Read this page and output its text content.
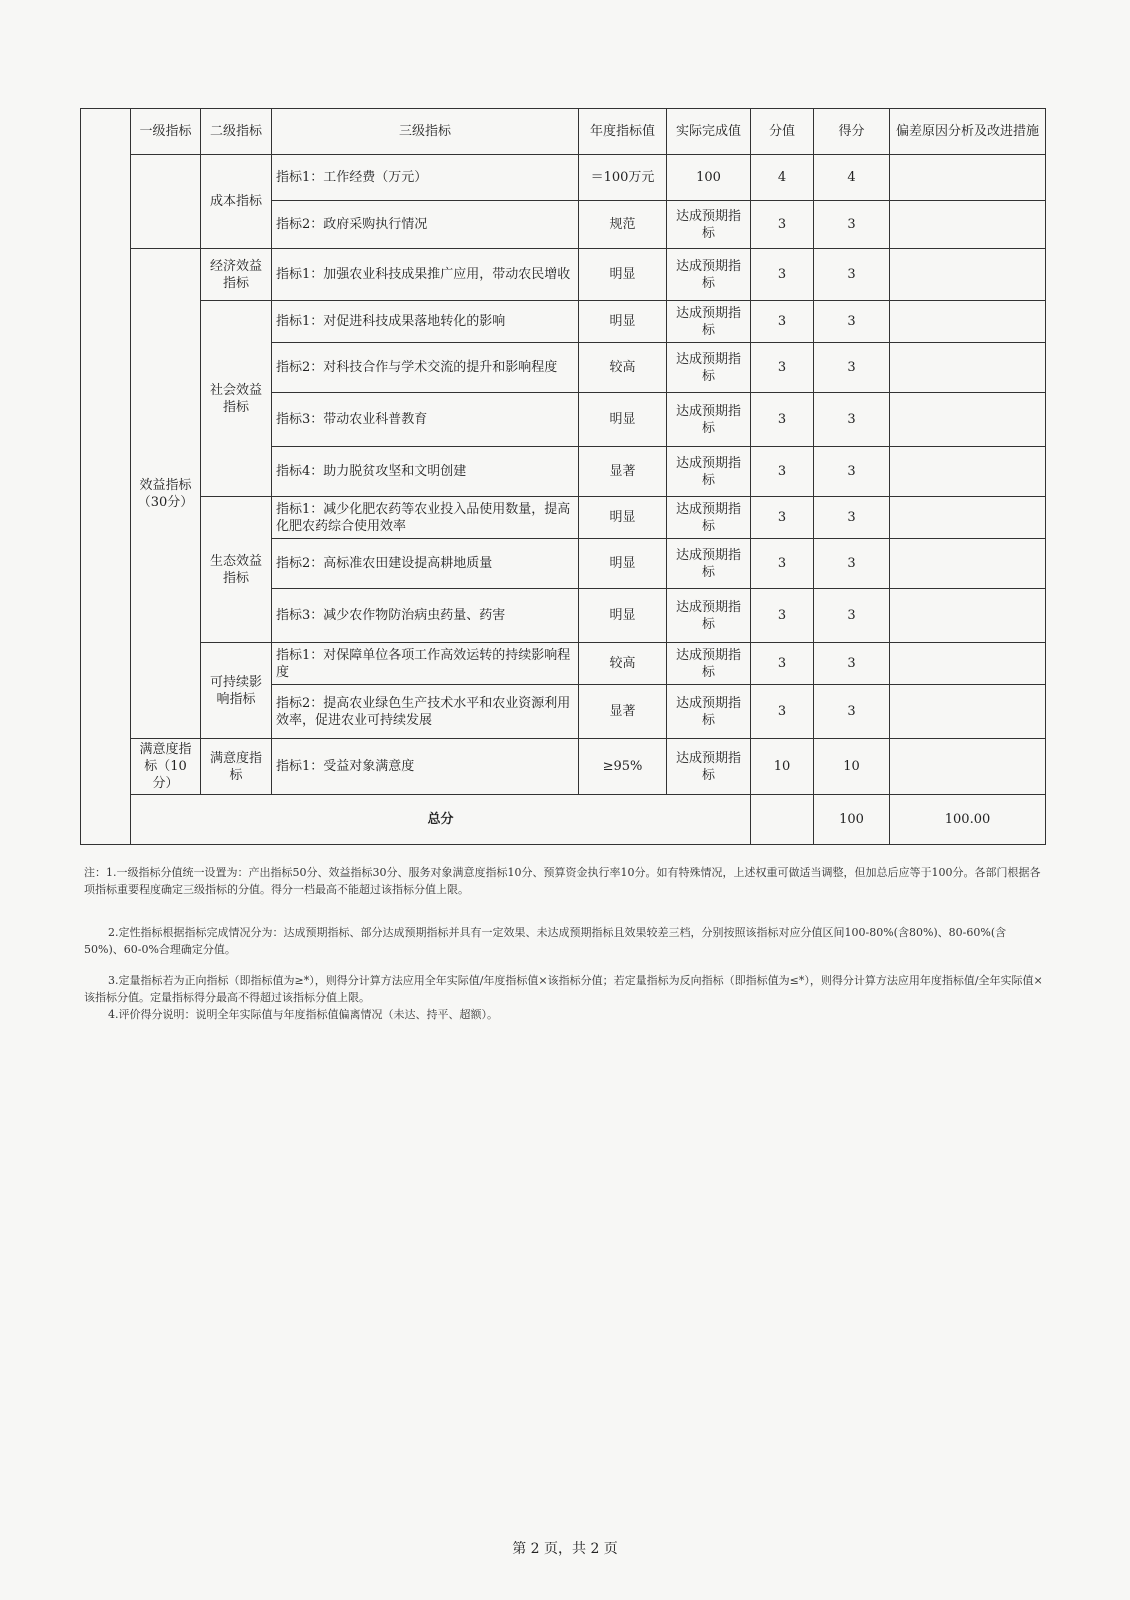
	一级指标	二级指标	三级指标	年度指标值	实际完成值	分值	得分	偏差原因分析及改进措施	
		成本指标	指标1：工作经费（万元）	＝100万元	100	4	4		
			指标2：政府采购执行情况	规范	达成预期指标	3	3		
	效益指标（30分）	经济效益指标	指标1：加强农业科技成果推广应用，带动农民增收	明显	达成预期指标	3	3		
		社会效益指标	指标1：对促进科技成果落地转化的影响	明显	达成预期指标	3	3		
			指标2：对科技合作与学术交流的提升和影响程度	较高	达成预期指标	3	3		
			指标3：带动农业科普教育	明显	达成预期指标	3	3		
			指标4：助力脱贫攻坚和文明创建	显著	达成预期指标	3	3		
		生态效益指标	指标1：减少化肥农药等农业投入品使用数量，提高化肥农药综合使用效率	明显	达成预期指标	3	3		
			指标2：高标准农田建设提高耕地质量	明显	达成预期指标	3	3		
			指标3：减少农作物防治病虫药量、药害	明显	达成预期指标	3	3		
		可持续影响指标	指标1：对保障单位各项工作高效运转的持续影响程度	较高	达成预期指标	3	3		
			指标2：提高农业绿色生产技术水平和农业资源利用效率，促进农业可持续发展	显著	达成预期指标	3	3		
	满意度指标（10分）	满意度指标	指标1：受益对象满意度	≥95%	达成预期指标	10	10		
	总分						100	100.00	

注：1.一级指标分值统一设置为：产出指标50分、效益指标30分、服务对象满意度指标10分、预算资金执行率10分。如有特殊情况，上述权重可做适当调整，但加总后应等于100分。各部门根据各项指标重要程度确定三级指标的分值。得分一档最高不能超过该指标分值上限。

2.定性指标根据指标完成情况分为：达成预期指标、部分达成预期指标并具有一定效果、未达成预期指标且效果较差三档，分别按照该指标对应分值区间100-80%(含80%)、80-60%(含50%)、60-0%合理确定分值。

3.定量指标若为正向指标（即指标值为≥*），则得分计算方法应用全年实际值/年度指标值×该指标分值；若定量指标为反向指标（即指标值为≤*），则得分计算方法应用年度指标值/全年实际值×该指标分值。定量指标得分最高不得超过该指标分值上限。

4.评价得分说明：说明全年实际值与年度指标值偏离情况（未达、持平、超额）。

第 2 页，共 2 页
